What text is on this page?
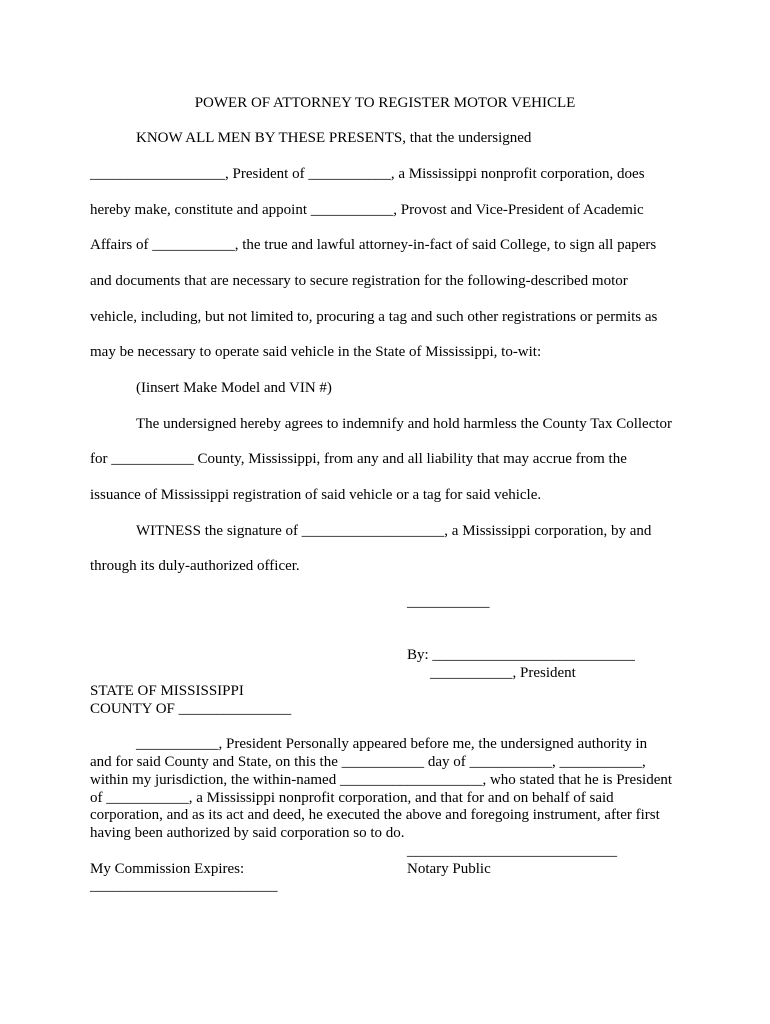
POWER OF ATTORNEY TO REGISTER MOTOR VEHICLE
KNOW ALL MEN BY THESE PRESENTS, that the undersigned
__________________, President of ___________, a Mississippi nonprofit corporation, does
hereby make, constitute and appoint ___________, Provost and Vice-President of Academic
Affairs of ___________, the true and lawful attorney-in-fact of said College, to sign all papers
and documents that are necessary to secure registration for the following-described motor
vehicle, including, but not limited to, procuring a tag and such other registrations or permits as
may be necessary to operate said vehicle in the State of Mississippi, to-wit:
(Iinsert Make Model and VIN #)
The undersigned hereby agrees to indemnify and hold harmless the County Tax Collector
for ___________ County, Mississippi, from any and all liability that may accrue from the
issuance of Mississippi registration of said vehicle or a tag for said vehicle.
WITNESS the signature of ___________________, a Mississippi corporation, by and
through its duly-authorized officer.
___________
By: ___________________________
___________, President
STATE OF MISSISSIPPI
COUNTY OF _______________
___________, President Personally appeared before me, the undersigned authority in
and for said County and State, on this the ___________ day of ___________, ___________,
within my jurisdiction, the within-named ___________________, who stated that he is President
of ___________, a Mississippi nonprofit corporation, and that for and on behalf of said
corporation, and as its act and deed, he executed the above and foregoing instrument, after first
having been authorized by said corporation so to do.
____________________________
My Commission Expires:	Notary Public
_________________________
